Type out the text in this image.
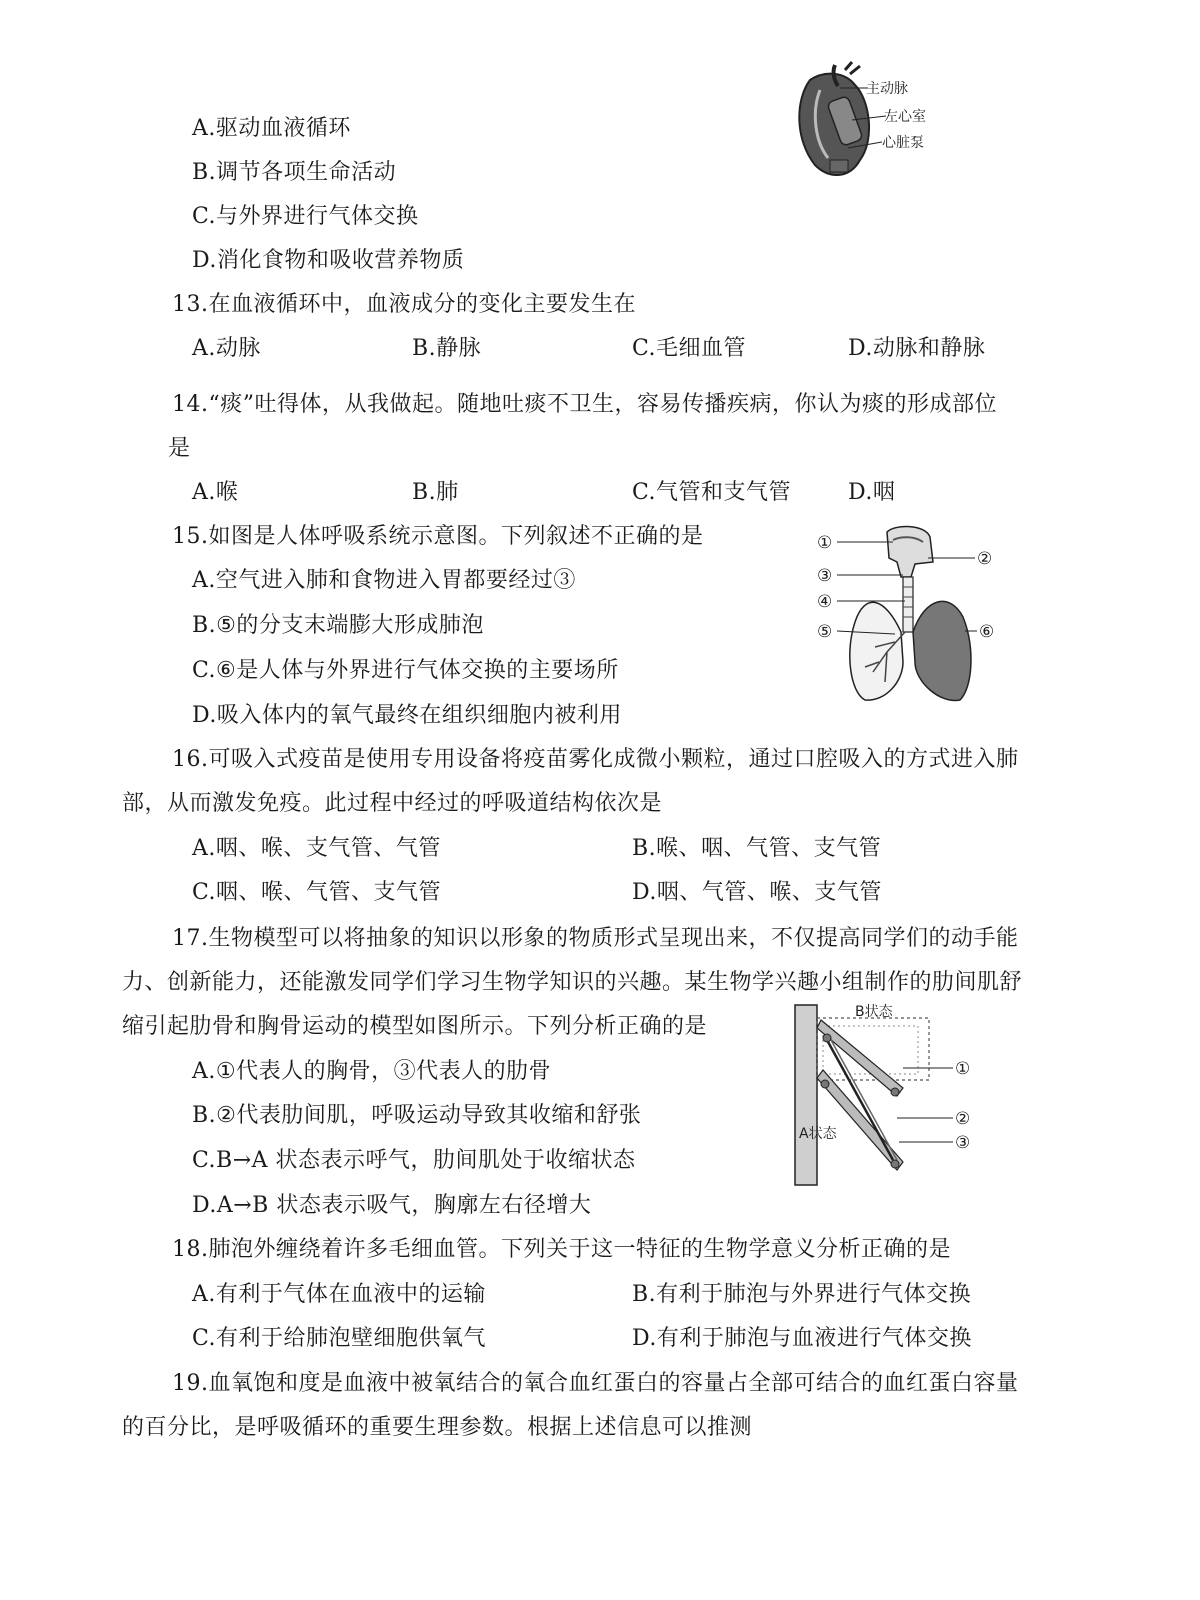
A.驱动血液循环
B.调节各项生命活动
C.与外界进行气体交换
D.消化食物和吸收营养物质
主动脉
左心室
心脏泵
13.在血液循环中，血液成分的变化主要发生在
A.动脉	B.静脉	C.毛细血管	D.动脉和静脉
14.“痰”吐得体，从我做起。随地吐痰不卫生，容易传播疾病，你认为痰的形成部位
是
A.喉	B.肺	C.气管和支气管	D.咽
15.如图是人体呼吸系统示意图。下列叙述不正确的是
A.空气进入肺和食物进入胃都要经过③
B.⑤的分支末端膨大形成肺泡
C.⑥是人体与外界进行气体交换的主要场所
D.吸入体内的氧气最终在组织细胞内被利用
①
②
③
④
⑤	⑥
16.可吸入式疫苗是使用专用设备将疫苗雾化成微小颗粒，通过口腔吸入的方式进入肺
部，从而激发免疫。此过程中经过的呼吸道结构依次是
A.咽、喉、支气管、气管	B.喉、咽、气管、支气管
C.咽、喉、气管、支气管	D.咽、气管、喉、支气管
17.生物模型可以将抽象的知识以形象的物质形式呈现出来，不仅提高同学们的动手能
力、创新能力，还能激发同学们学习生物学知识的兴趣。某生物学兴趣小组制作的肋间肌舒
缩引起肋骨和胸骨运动的模型如图所示。下列分析正确的是
A.①代表人的胸骨，③代表人的肋骨
B.②代表肋间肌，呼吸运动导致其收缩和舒张
C.B→A 状态表示呼气，肋间肌处于收缩状态
D.A→B 状态表示吸气，胸廓左右径增大
B状态
A状态
①
②
③
18.肺泡外缠绕着许多毛细血管。下列关于这一特征的生物学意义分析正确的是
A.有利于气体在血液中的运输	B.有利于肺泡与外界进行气体交换
C.有利于给肺泡壁细胞供氧气	D.有利于肺泡与血液进行气体交换
19.血氧饱和度是血液中被氧结合的氧合血红蛋白的容量占全部可结合的血红蛋白容量
的百分比，是呼吸循环的重要生理参数。根据上述信息可以推测
